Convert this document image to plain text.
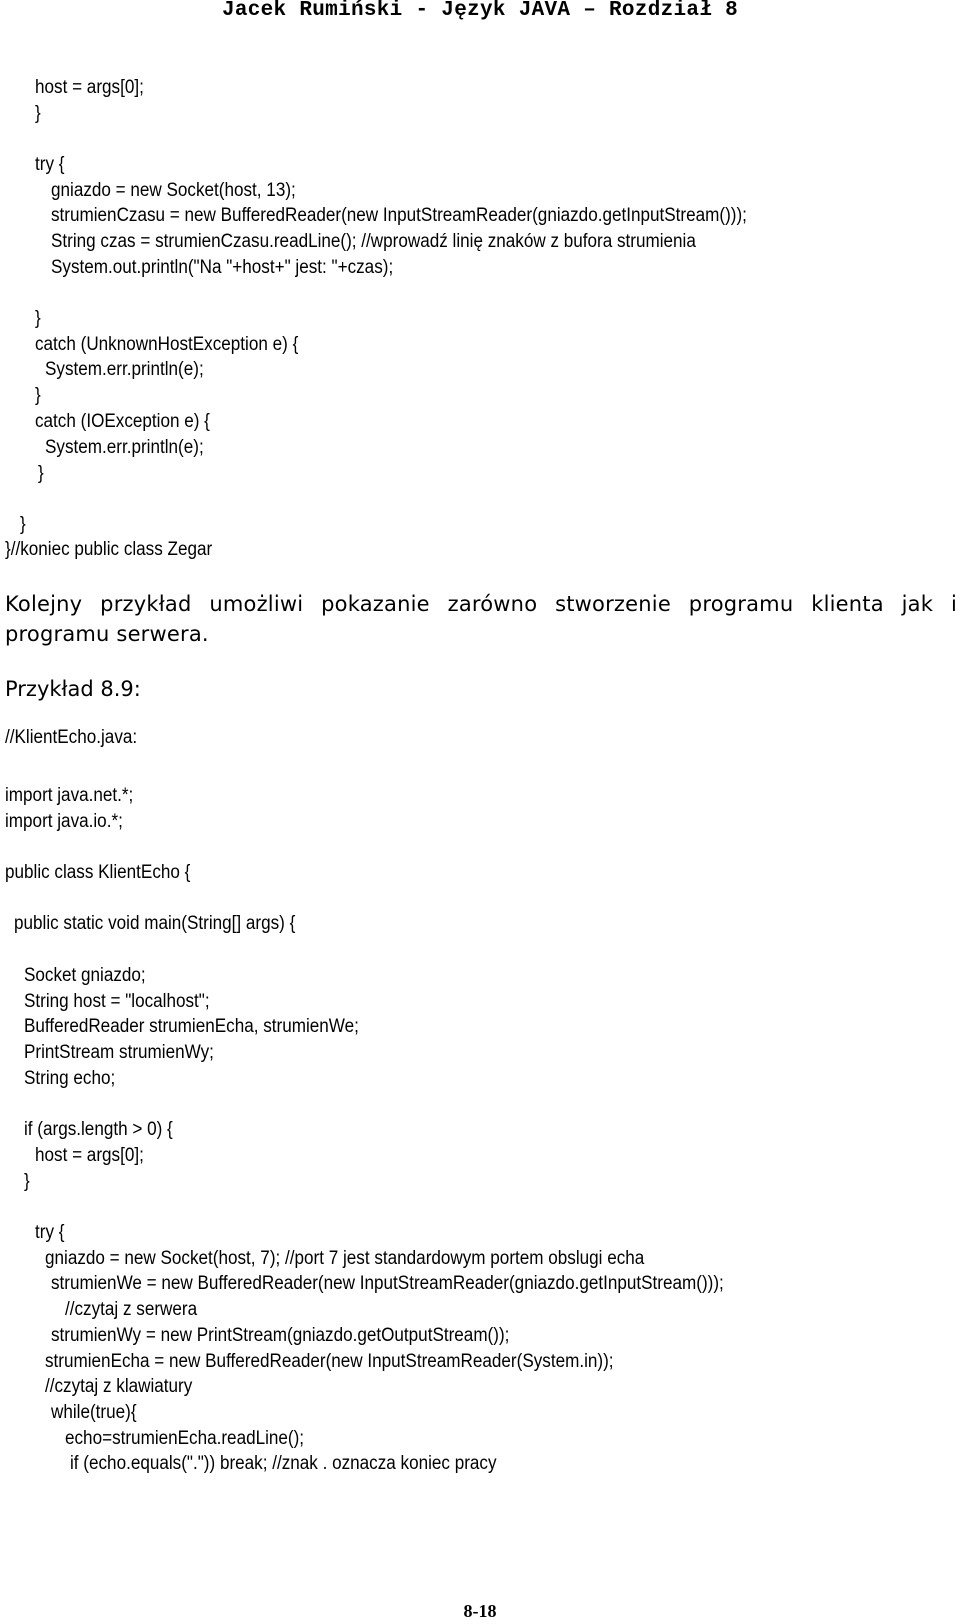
Jacek Rumiński - Język JAVA – Rozdział 8

host = args[0];

}

try {

gniazdo = new Socket(host, 13);

strumienCzasu = new BufferedReader(new InputStreamReader(gniazdo.getInputStream()));

String czas = strumienCzasu.readLine(); //wprowadź linię znaków z bufora strumienia

System.out.println("Na "+host+" jest: "+czas);

}

catch (UnknownHostException e) {

System.err.println(e);

}

catch (IOException e) {

System.err.println(e);

}

}

}//koniec public class Zegar

Kolejny przykład umożliwi pokazanie zarówno stworzenie programu klienta jak i
programu serwera.
Przykład 8.9:

//KlientEcho.java:

import java.net.*;

import java.io.*;

public class KlientEcho {

public static void main(String[] args) {

Socket gniazdo;

String host = "localhost";

BufferedReader strumienEcha, strumienWe;

PrintStream strumienWy;

String echo;

if (args.length > 0) {

host = args[0];

}

try {

gniazdo = new Socket(host, 7); //port 7 jest standardowym portem obslugi echa

strumienWe = new BufferedReader(new InputStreamReader(gniazdo.getInputStream()));

//czytaj z serwera

strumienWy = new PrintStream(gniazdo.getOutputStream());

strumienEcha = new BufferedReader(new InputStreamReader(System.in));

//czytaj z klawiatury

while(true){

echo=strumienEcha.readLine();

if (echo.equals(".")) break; //znak . oznacza koniec pracy

8-18
